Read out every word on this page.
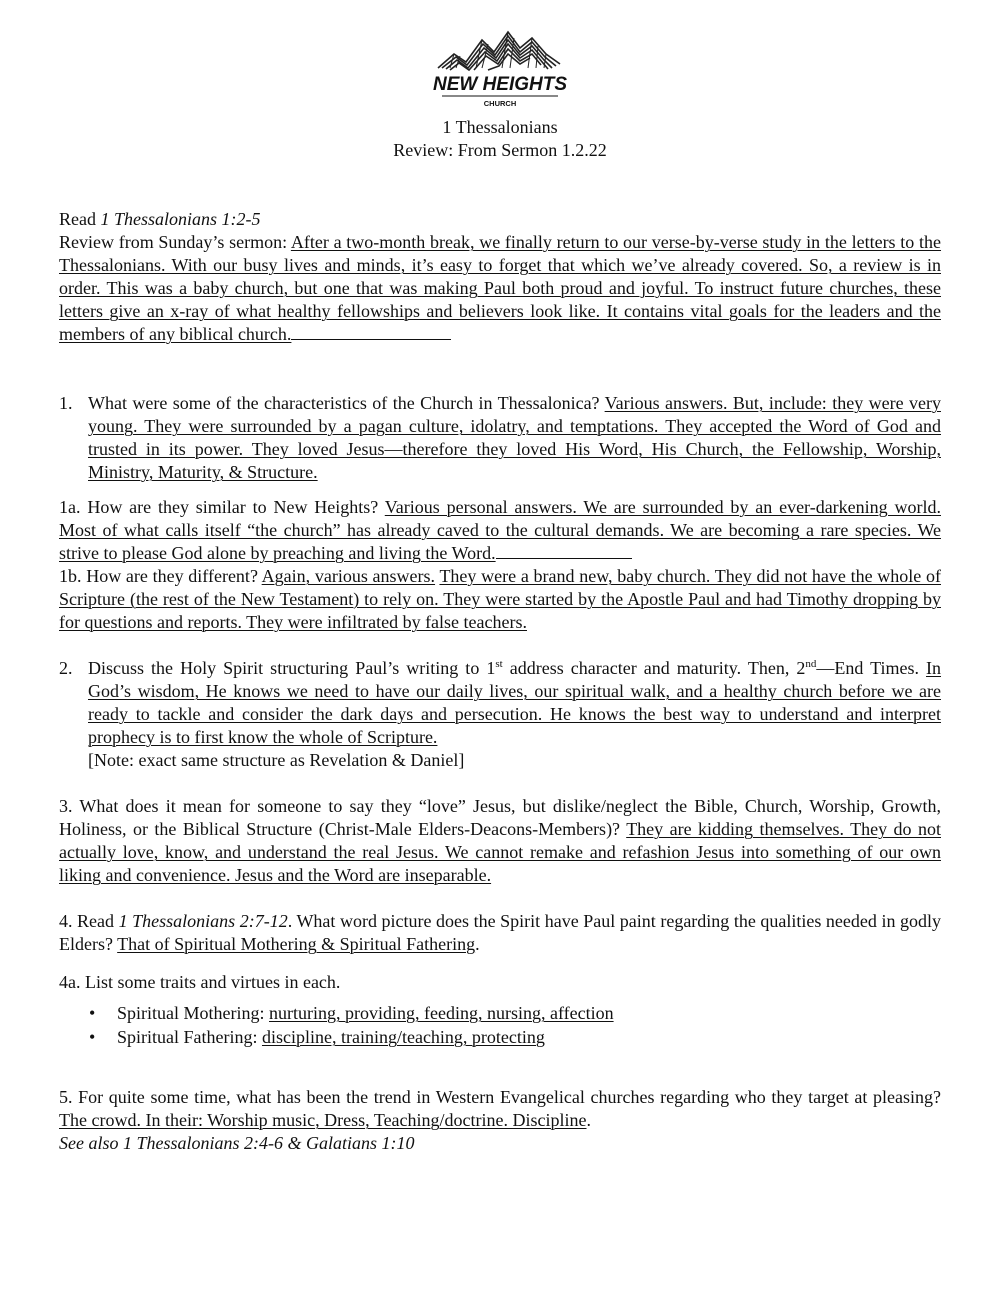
NEW HEIGHTS
CHURCH
1 Thessalonians
Review: From Sermon 1.2.22
Read 1 Thessalonians 1:2-5
Review from Sunday’s sermon: After a two-month break, we finally return to our verse-by-verse study in the letters to the Thessalonians. With our busy lives and minds, it’s easy to forget that which we’ve already covered. So, a review is in order. This was a baby church, but one that was making Paul both proud and joyful. To instruct future churches, these letters give an x-ray of what healthy fellowships and believers look like. It contains vital goals for the leaders and the members of any biblical church.
1. What were some of the characteristics of the Church in Thessalonica? Various answers. But, include: they were very young. They were surrounded by a pagan culture, idolatry, and temptations. They accepted the Word of God and trusted in its power. They loved Jesus—therefore they loved His Word, His Church, the Fellowship, Worship, Ministry, Maturity, & Structure.
1a. How are they similar to New Heights? Various personal answers. We are surrounded by an ever-darkening world. Most of what calls itself “the church” has already caved to the cultural demands. We are becoming a rare species. We strive to please God alone by preaching and living the Word.
1b. How are they different? Again, various answers. They were a brand new, baby church. They did not have the whole of Scripture (the rest of the New Testament) to rely on. They were started by the Apostle Paul and had Timothy dropping by for questions and reports. They were infiltrated by false teachers.
2. Discuss the Holy Spirit structuring Paul’s writing to 1st address character and maturity. Then, 2nd—End Times. In God’s wisdom, He knows we need to have our daily lives, our spiritual walk, and a healthy church before we are ready to tackle and consider the dark days and persecution. He knows the best way to understand and interpret prophecy is to first know the whole of Scripture.
[Note: exact same structure as Revelation & Daniel]
3. What does it mean for someone to say they “love” Jesus, but dislike/neglect the Bible, Church, Worship, Growth, Holiness, or the Biblical Structure (Christ-Male Elders-Deacons-Members)? They are kidding themselves. They do not actually love, know, and understand the real Jesus. We cannot remake and refashion Jesus into something of our own liking and convenience. Jesus and the Word are inseparable.
4. Read 1 Thessalonians 2:7-12. What word picture does the Spirit have Paul paint regarding the qualities needed in godly Elders? That of Spiritual Mothering & Spiritual Fathering.
4a. List some traits and virtues in each.
• Spiritual Mothering: nurturing, providing, feeding, nursing, affection
• Spiritual Fathering: discipline, training/teaching, protecting
5. For quite some time, what has been the trend in Western Evangelical churches regarding who they target at pleasing? The crowd. In their: Worship music, Dress, Teaching/doctrine. Discipline.
See also 1 Thessalonians 2:4-6 & Galatians 1:10
